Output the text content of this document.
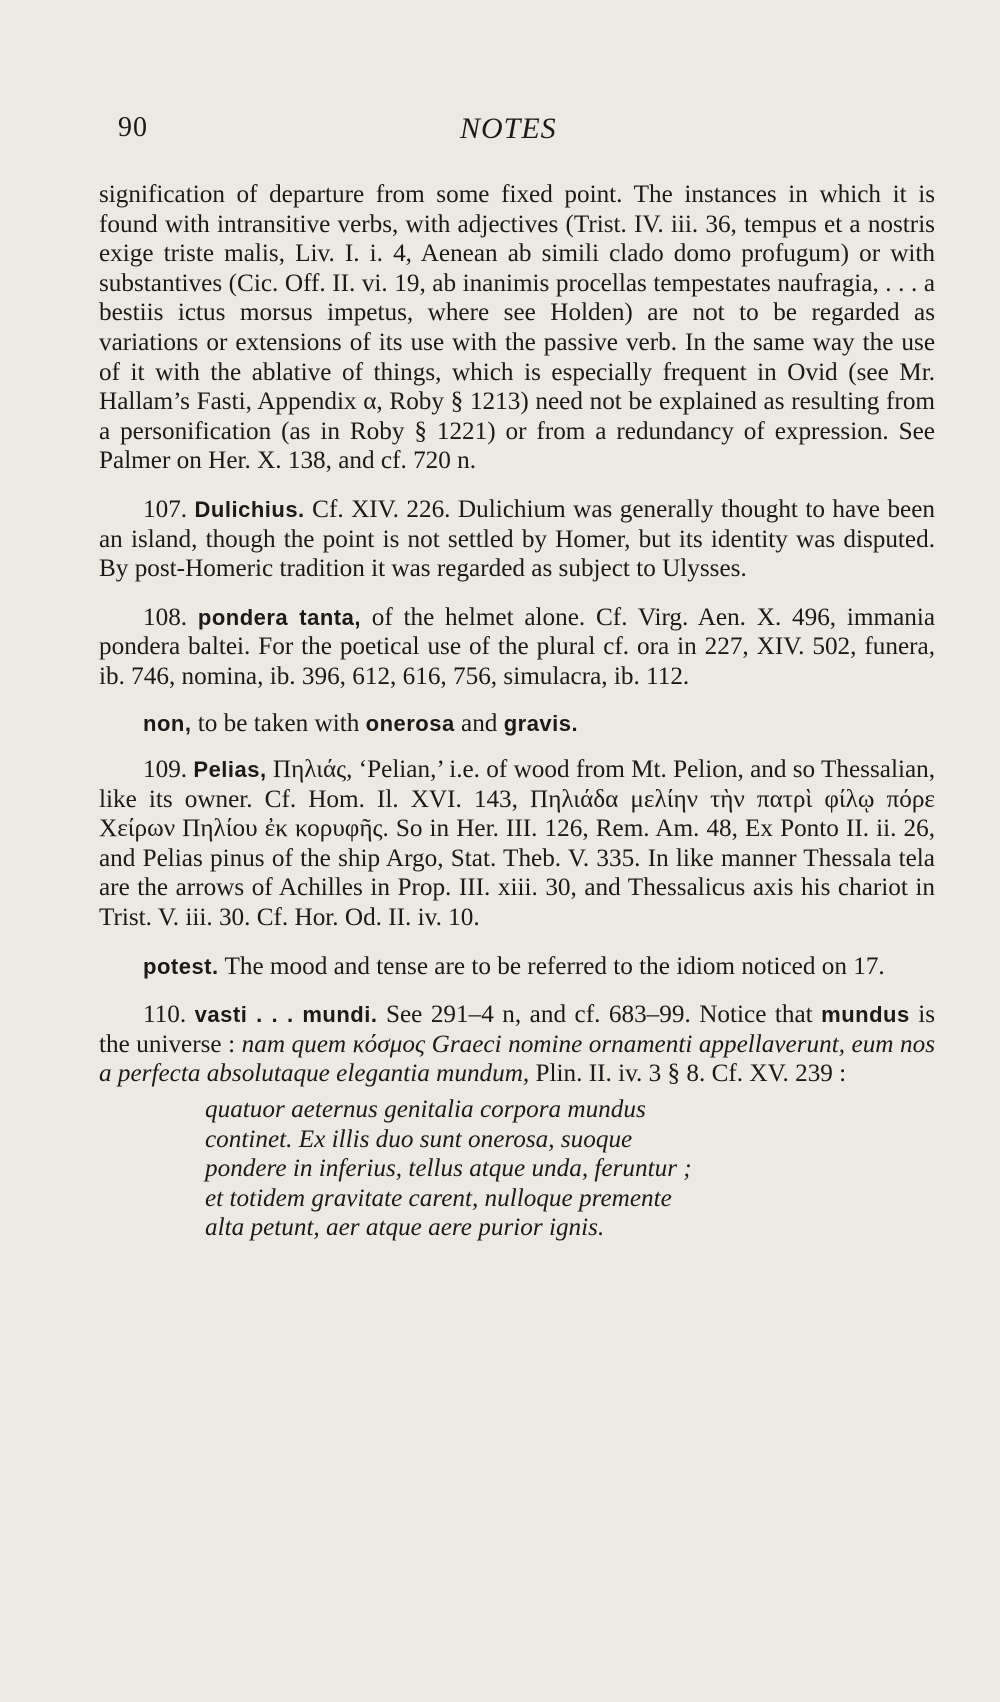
90	NOTES

signification of departure from some fixed point. The instances in which it is found with intransitive verbs, with adjectives (Trist. IV. iii. 36, tempus et a nostris exige triste malis, Liv. I. i. 4, Aenean ab simili clado domo profugum) or with substantives (Cic. Off. II. vi. 19, ab inanimis procellas tempestates naufragia, . . . a bestiis ictus morsus impetus, where see Holden) are not to be regarded as variations or extensions of its use with the passive verb. In the same way the use of it with the ablative of things, which is especially frequent in Ovid (see Mr. Hallam’s Fasti, Appendix α, Roby § 1213) need not be explained as resulting from a personification (as in Roby § 1221) or from a redundancy of expression. See Palmer on Her. X. 138, and cf. 720 n.

107. Dulichius. Cf. XIV. 226. Dulichium was generally thought to have been an island, though the point is not settled by Homer, but its identity was disputed. By post-Homeric tradition it was regarded as subject to Ulysses.

108. pondera tanta, of the helmet alone. Cf. Virg. Aen. X. 496, immania pondera baltei. For the poetical use of the plural cf. ora in 227, XIV. 502, funera, ib. 746, nomina, ib. 396, 612, 616, 756, simulacra, ib. 112.

non, to be taken with onerosa and gravis.

109. Pelias, Πηλιάς, ‘Pelian,’ i.e. of wood from Mt. Pelion, and so Thessalian, like its owner. Cf. Hom. Il. XVI. 143, Πηλιάδα μελίην τὴν πατρὶ φίλῳ πόρε Χείρων Πηλίου ἐκ κορυφῆς. So in Her. III. 126, Rem. Am. 48, Ex Ponto II. ii. 26, and Pelias pinus of the ship Argo, Stat. Theb. V. 335. In like manner Thessala tela are the arrows of Achilles in Prop. III. xiii. 30, and Thessalicus axis his chariot in Trist. V. iii. 30. Cf. Hor. Od. II. iv. 10.

potest. The mood and tense are to be referred to the idiom noticed on 17.

110. vasti . . . mundi. See 291–4 n, and cf. 683–99. Notice that mundus is the universe : nam quem κόσμος Graeci nomine ornamenti appellaverunt, eum nos a perfecta absolutaque elegantia mundum, Plin. II. iv. 3 § 8. Cf. XV. 239 :

quatuor aeternus genitalia corpora mundus
continet. Ex illis duo sunt onerosa, suoque
pondere in inferius, tellus atque unda, feruntur ;
et totidem gravitate carent, nulloque premente
alta petunt, aer atque aere purior ignis.
